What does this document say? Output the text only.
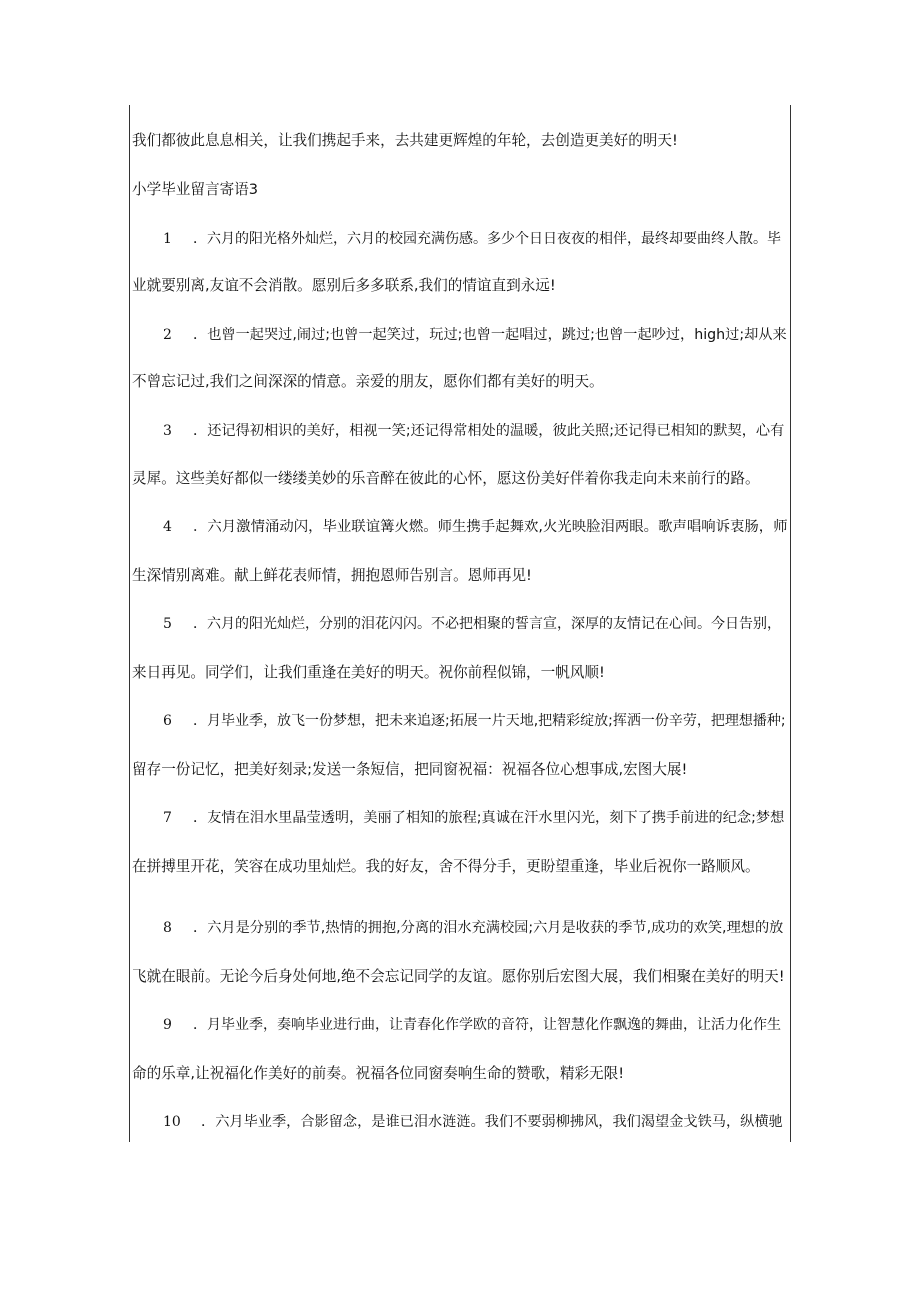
我们都彼此息息相关，让我们携起手来，去共建更辉煌的年轮，去创造更美好的明天!
小学毕业留言寄语3
1 ．六月的阳光格外灿烂，六月的校园充满伤感。多少个日日夜夜的相伴，最终却要曲终人散。毕
业就要别离,友谊不会消散。愿别后多多联系,我们的情谊直到永远!
2 ．也曾一起哭过,闹过;也曾一起笑过，玩过;也曾一起唱过，跳过;也曾一起吵过，high过;却从来
不曾忘记过,我们之间深深的情意。亲爱的朋友，愿你们都有美好的明天。
3 ．还记得初相识的美好，相视一笑;还记得常相处的温暖，彼此关照;还记得已相知的默契，心有
灵犀。这些美好都似一缕缕美妙的乐音醉在彼此的心怀，愿这份美好伴着你我走向未来前行的路。
4 ．六月激情涌动闪，毕业联谊篝火燃。师生携手起舞欢,火光映脸泪两眼。歌声唱响诉衷肠，师
生深情别离难。献上鲜花表师情，拥抱恩师告别言。恩师再见!
5 ．六月的阳光灿烂，分别的泪花闪闪。不必把相聚的誓言宣，深厚的友情记在心间。今日告别，
来日再见。同学们，让我们重逢在美好的明天。祝你前程似锦，一帆风顺!
6 ．月毕业季，放飞一份梦想，把未来追逐;拓展一片天地,把精彩绽放;挥洒一份辛劳，把理想播种;
留存一份记忆，把美好刻录;发送一条短信，把同窗祝福：祝福各位心想事成,宏图大展!
7 ．友情在泪水里晶莹透明，美丽了相知的旅程;真诚在汗水里闪光，刻下了携手前进的纪念;梦想
在拼搏里开花，笑容在成功里灿烂。我的好友，舍不得分手，更盼望重逢，毕业后祝你一路顺风。
8 ．六月是分别的季节,热情的拥抱,分离的泪水充满校园;六月是收获的季节,成功的欢笑,理想的放
飞就在眼前。无论今后身处何地,绝不会忘记同学的友谊。愿你别后宏图大展，我们相聚在美好的明天!
9 ．月毕业季，奏响毕业进行曲，让青春化作学欧的音符，让智慧化作飘逸的舞曲，让活力化作生
命的乐章,让祝福化作美好的前奏。祝福各位同窗奏响生命的赞歌，精彩无限!
10 ．六月毕业季，合影留念，是谁已泪水涟涟。我们不要弱柳拂风，我们渴望金戈铁马，纵横驰
